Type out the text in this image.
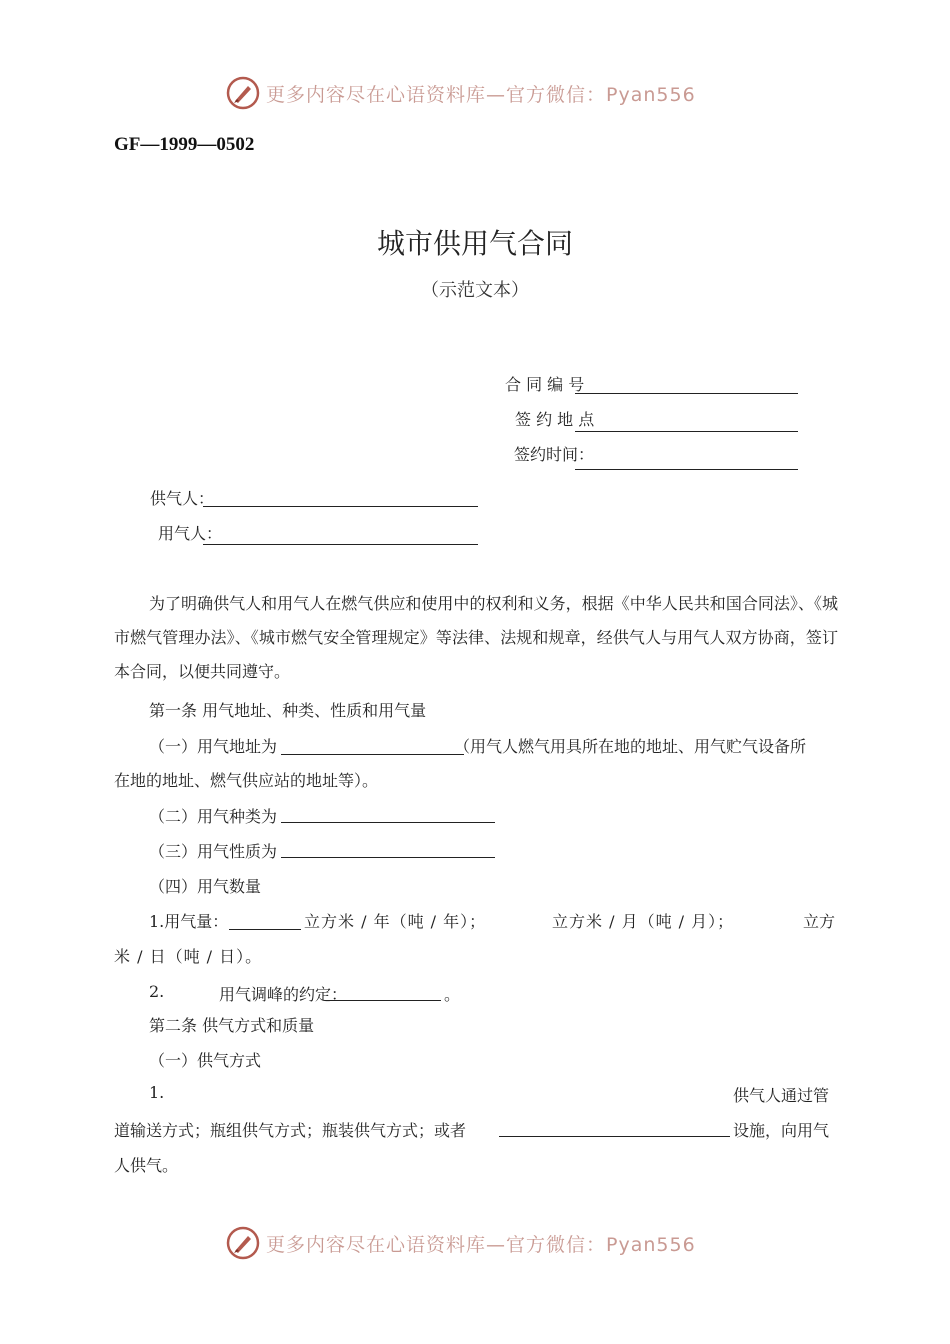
更多内容尽在心语资料库—官方微信：Pyan556
GF—1999—0502
城市供用气合同
（示范文本）
合 同 编 号
签 约 地 点
签约时间：
供气人：
用气人：
为了明确供气人和用气人在燃气供应和使用中的权利和义务，根据《中华人民共和国合同法》、《城市燃气管理办法》、《城市燃气安全管理规定》等法律、法规和规章，经供气人与用气人双方协商，签订本合同，以便共同遵守。
第一条 用气地址、种类、性质和用气量
（一）用气地址为	（用气人燃气用具所在地的地址、用气贮气设备所
在地的地址、燃气供应站的地址等）。
（二）用气种类为
（三）用气性质为
（四）用气数量
1.用气量：	立方米 / 年（吨 / 年）；	立方米 / 月（吨 / 月）；	立方
米 / 日（吨 / 日）。
2.	用气调峰的约定：	。
第二条 供气方式和质量
（一）供气方式
1.	供气人通过管
道输送方式；瓶组供气方式；瓶装供气方式；或者	设施，向用气
人供气。
更多内容尽在心语资料库—官方微信：Pyan556
